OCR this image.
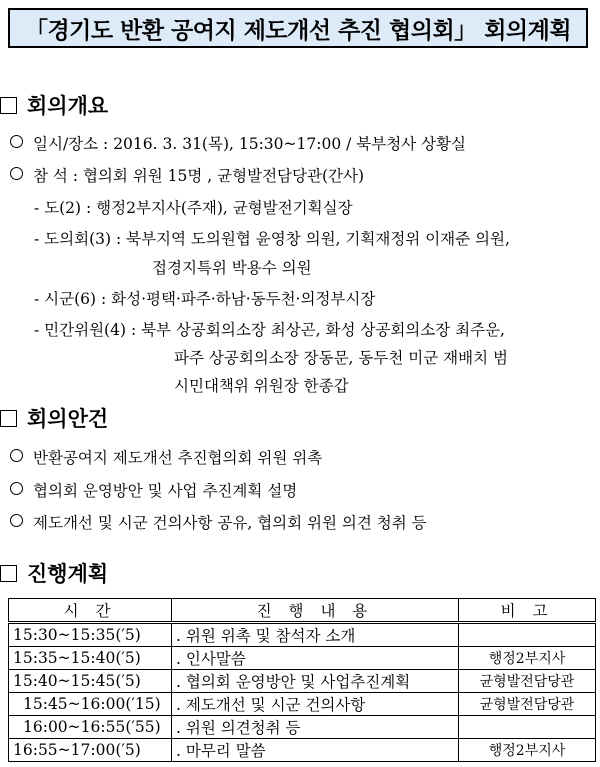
「경기도 반환 공여지 제도개선 추진 협의회」 회의계획
회의개요
일시/장소 : 2016. 3. 31(목), 15:30~17:00 / 북부청사 상황실
참 석 : 협의회 위원 15명 , 균형발전담당관(간사)
- 도(2) : 행정2부지사(주재), 균형발전기획실장
- 도의회(3) : 북부지역 도의원협 윤영창 의원, 기획재정위 이재준 의원,
접경지특위 박용수 의원
- 시군(6) : 화성·평택·파주·하남·동두천·의정부시장
- 민간위원(4) : 북부 상공회의소장 최상곤, 화성 상공회의소장 최주운,
파주 상공회의소장 장동문, 동두천 미군 재배치 범
시민대책위 위원장 한종갑
회의안건
반환공여지 제도개선 추진협의회 위원 위촉
협의회 운영방안 및 사업 추진계획 설명
제도개선 및 시군 건의사항 공유, 협의회 위원 의견 청취 등
진행계획
시 간	진 행 내 용	비 고
15:30~15:35(′5)	. 위원 위촉 및 참석자 소개	
15:35~15:40(′5)	. 인사말씀	행정2부지사
15:40~15:45(′5)	. 협의회 운영방안 및 사업추진계획	균형발전담당관
15:45~16:00(′15)	. 제도개선 및 시군 건의사항	균형발전담당관
16:00~16:55(′55)	. 위원 의견청취 등	
16:55~17:00(′5)	. 마무리 말씀	행정2부지사
